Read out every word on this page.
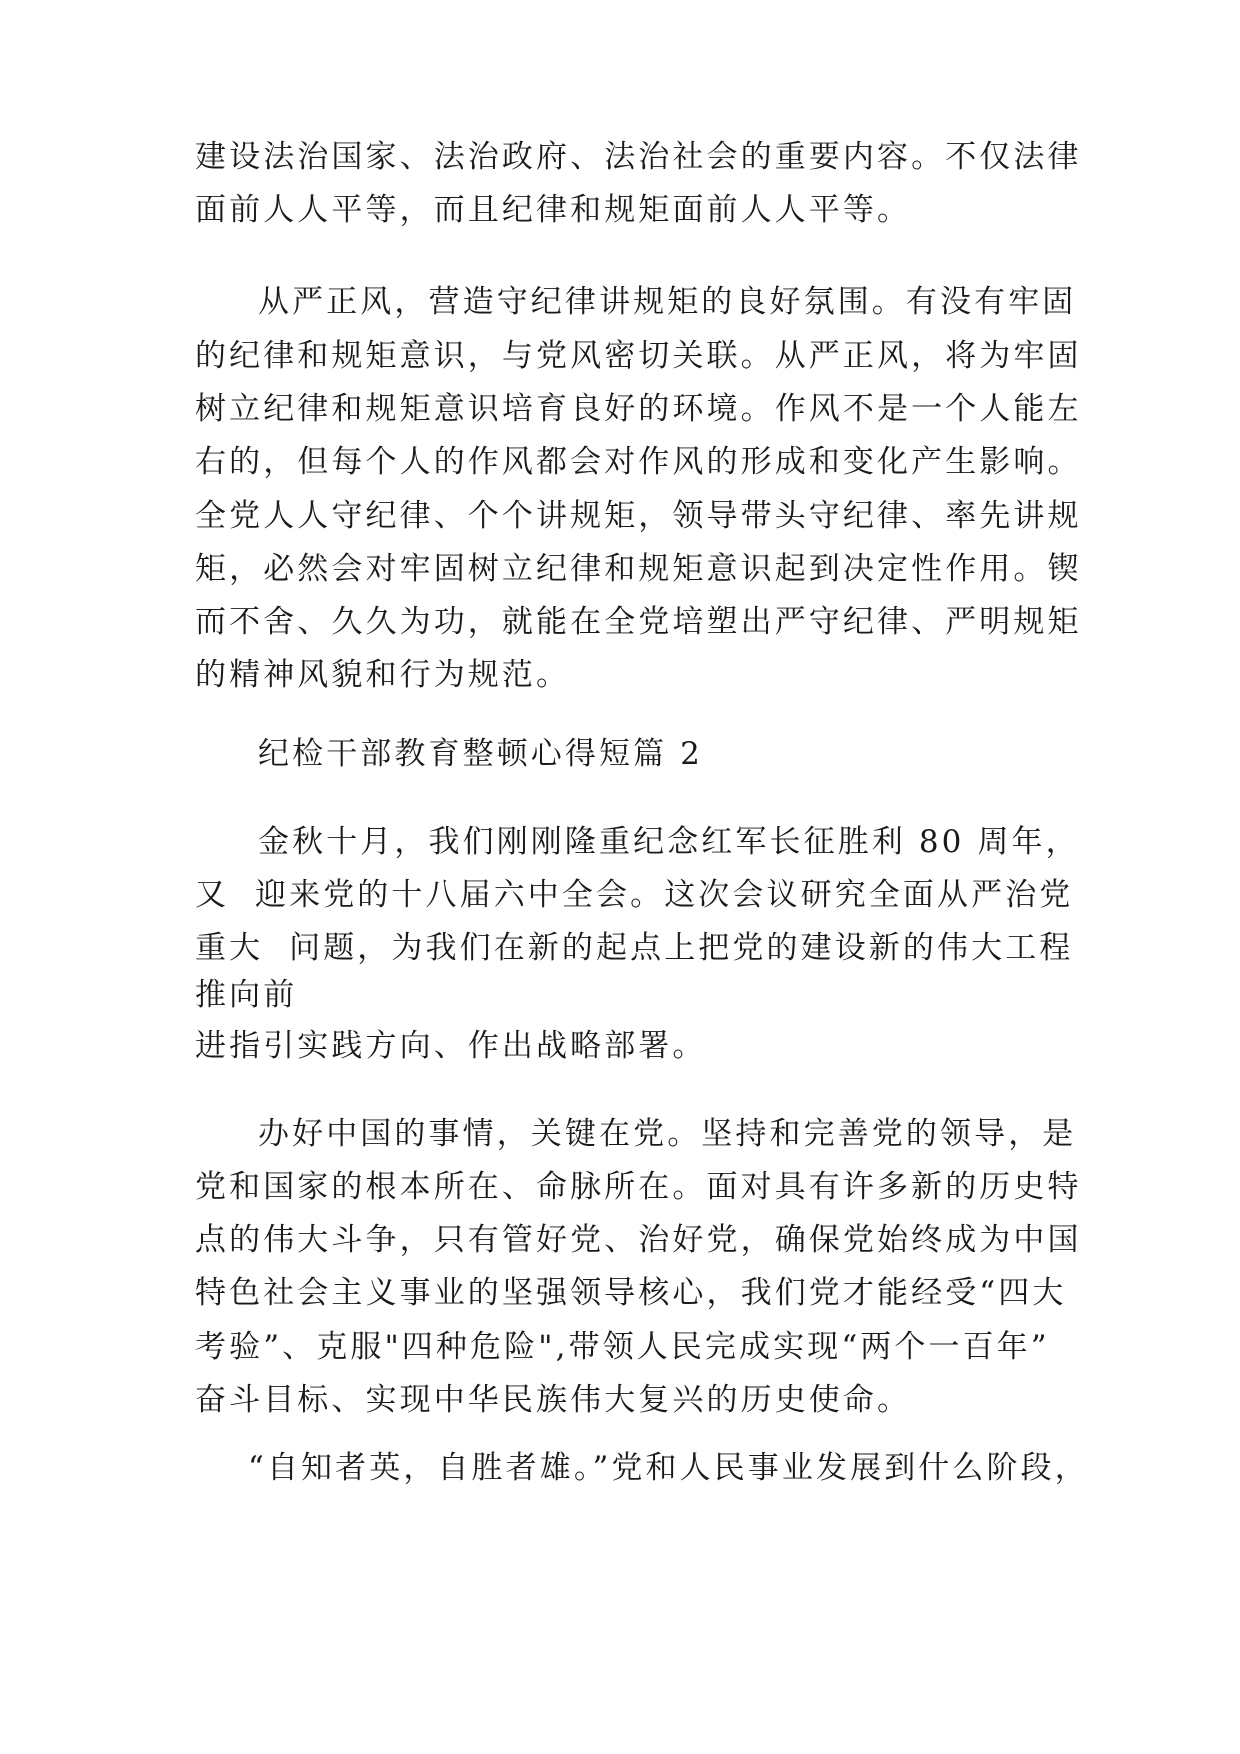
建设法治国家、法治政府、法治社会的重要内容。不仅法律
面前人人平等，而且纪律和规矩面前人人平等。
从严正风，营造守纪律讲规矩的良好氛围。有没有牢固
的纪律和规矩意识，与党风密切关联。从严正风，将为牢固
树立纪律和规矩意识培育良好的环境。作风不是一个人能左
右的，但每个人的作风都会对作风的形成和变化产生影响。
全党人人守纪律、个个讲规矩，领导带头守纪律、率先讲规
矩，必然会对牢固树立纪律和规矩意识起到决定性作用。锲
而不舍、久久为功，就能在全党培塑出严守纪律、严明规矩
的精神风貌和行为规范。
纪检干部教育整顿心得短篇 2
金秋十月，我们刚刚隆重纪念红军长征胜利 80 周年，
又  迎来党的十八届六中全会。这次会议研究全面从严治党
重大  问题，为我们在新的起点上把党的建设新的伟大工程
推向前
进指引实践方向、作出战略部署。
办好中国的事情，关键在党。坚持和完善党的领导，是
党和国家的根本所在、命脉所在。面对具有许多新的历史特
点的伟大斗争，只有管好党、治好党，确保党始终成为中国
特色社会主义事业的坚强领导核心，我们党才能经受“四大
考验”、克服"四种危险",带领人民完成实现“两个一百年”
奋斗目标、实现中华民族伟大复兴的历史使命。
“自知者英，自胜者雄。”党和人民事业发展到什么阶段，
